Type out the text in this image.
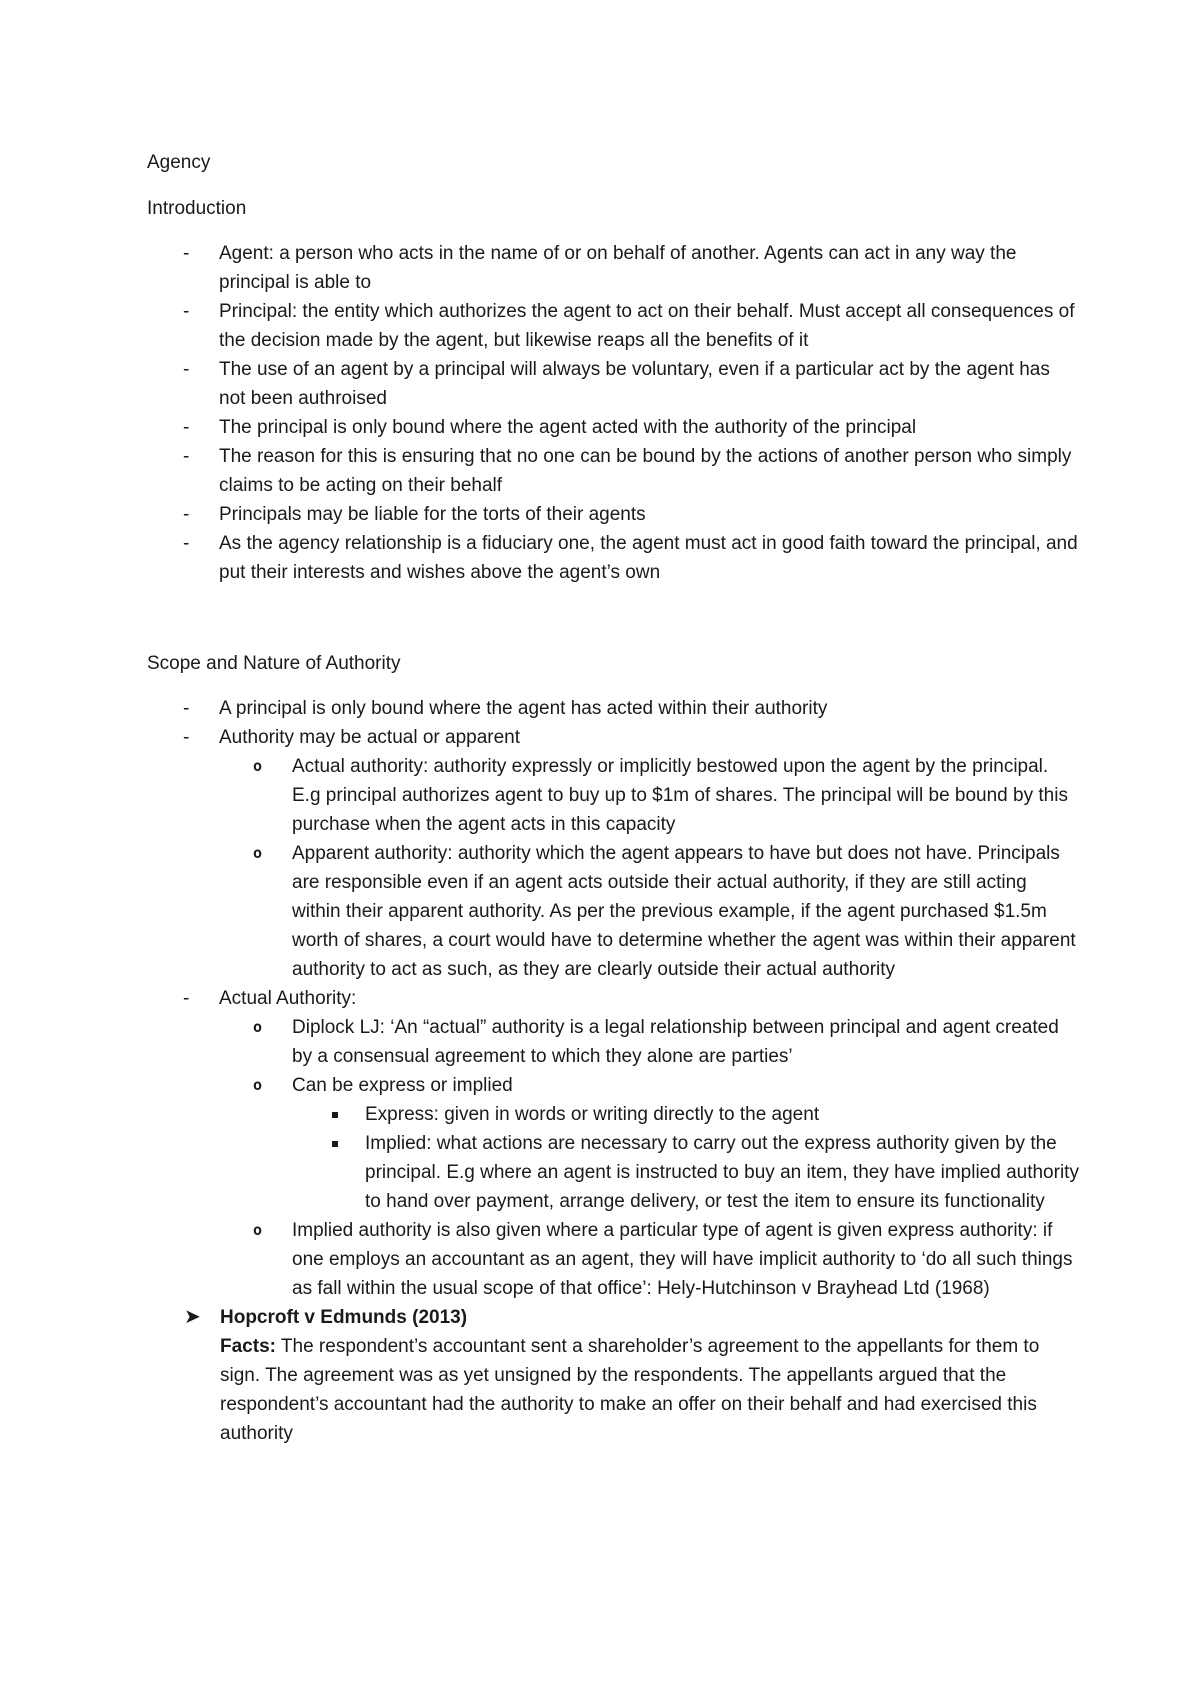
Agency

Introduction

- Agent: a person who acts in the name of or on behalf of another. Agents can act in any way the principal is able to
- Principal: the entity which authorizes the agent to act on their behalf. Must accept all consequences of the decision made by the agent, but likewise reaps all the benefits of it
- The use of an agent by a principal will always be voluntary, even if a particular act by the agent has not been authroised
- The principal is only bound where the agent acted with the authority of the principal
- The reason for this is ensuring that no one can be bound by the actions of another person who simply claims to be acting on their behalf
- Principals may be liable for the torts of their agents
- As the agency relationship is a fiduciary one, the agent must act in good faith toward the principal, and put their interests and wishes above the agent’s own

Scope and Nature of Authority

- A principal is only bound where the agent has acted within their authority
- Authority may be actual or apparent
o Actual authority: authority expressly or implicitly bestowed upon the agent by the principal. E.g principal authorizes agent to buy up to $1m of shares. The principal will be bound by this purchase when the agent acts in this capacity
o Apparent authority: authority which the agent appears to have but does not have. Principals are responsible even if an agent acts outside their actual authority, if they are still acting within their apparent authority. As per the previous example, if the agent purchased $1.5m worth of shares, a court would have to determine whether the agent was within their apparent authority to act as such, as they are clearly outside their actual authority
- Actual Authority:
o Diplock LJ: ‘An “actual” authority is a legal relationship between principal and agent created by a consensual agreement to which they alone are parties’
o Can be express or implied
Express: given in words or writing directly to the agent
Implied: what actions are necessary to carry out the express authority given by the principal. E.g where an agent is instructed to buy an item, they have implied authority to hand over payment, arrange delivery, or test the item to ensure its functionality
o Implied authority is also given where a particular type of agent is given express authority: if one employs an accountant as an agent, they will have implicit authority to ‘do all such things as fall within the usual scope of that office’: Hely-Hutchinson v Brayhead Ltd (1968)
➤ Hopcroft v Edmunds (2013)
Facts: The respondent’s accountant sent a shareholder’s agreement to the appellants for them to sign. The agreement was as yet unsigned by the respondents. The appellants argued that the respondent’s accountant had the authority to make an offer on their behalf and had exercised this authority
